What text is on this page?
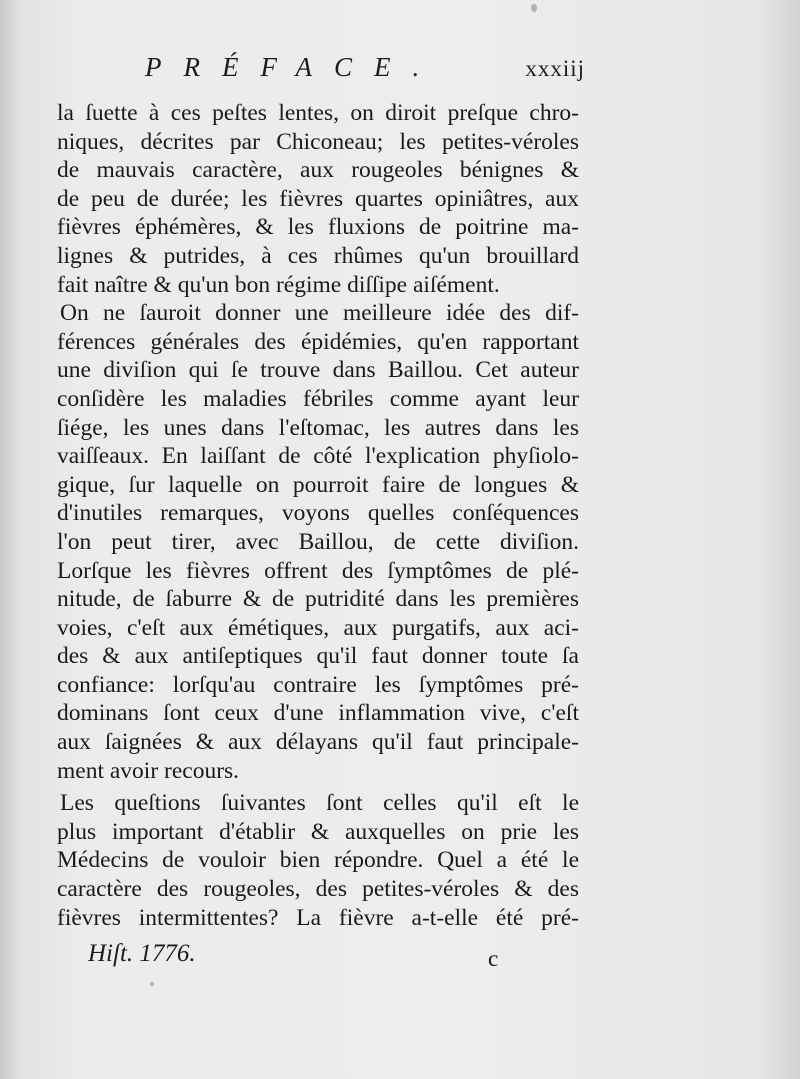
PRÉFACE.	xxxiij
la ſuette à ces peſtes lentes, on diroit preſque chro-
niques, décrites par Chiconeau; les petites-véroles
de mauvais caractère, aux rougeoles bénignes &
de peu de durée; les fièvres quartes opiniâtres, aux
fièvres éphémères, & les fluxions de poitrine ma-
lignes & putrides, à ces rhûmes qu'un brouillard
fait naître & qu'un bon régime diſſipe aiſément.
On ne ſauroit donner une meilleure idée des dif-
férences générales des épidémies, qu'en rapportant
une diviſion qui ſe trouve dans Baillou. Cet auteur
conſidère les maladies fébriles comme ayant leur
ſiége, les unes dans l'eſtomac, les autres dans les
vaiſſeaux. En laiſſant de côté l'explication phyſiolo-
gique, ſur laquelle on pourroit faire de longues &
d'inutiles remarques, voyons quelles conſéquences
l'on peut tirer, avec Baillou, de cette diviſion.
Lorſque les fièvres offrent des ſymptômes de plé-
nitude, de ſaburre & de putridité dans les premières
voies, c'eſt aux émétiques, aux purgatifs, aux aci-
des & aux antiſeptiques qu'il faut donner toute ſa
confiance: lorſqu'au contraire les ſymptômes pré-
dominans ſont ceux d'une inflammation vive, c'eſt
aux ſaignées & aux délayans qu'il faut principale-
ment avoir recours.
Les queſtions ſuivantes ſont celles qu'il eſt le
plus important d'établir & auxquelles on prie les
Médecins de vouloir bien répondre. Quel a été le
caractère des rougeoles, des petites-véroles & des
fièvres intermittentes? La fièvre a-t-elle été pré-
Hiſt. 1776.	c
